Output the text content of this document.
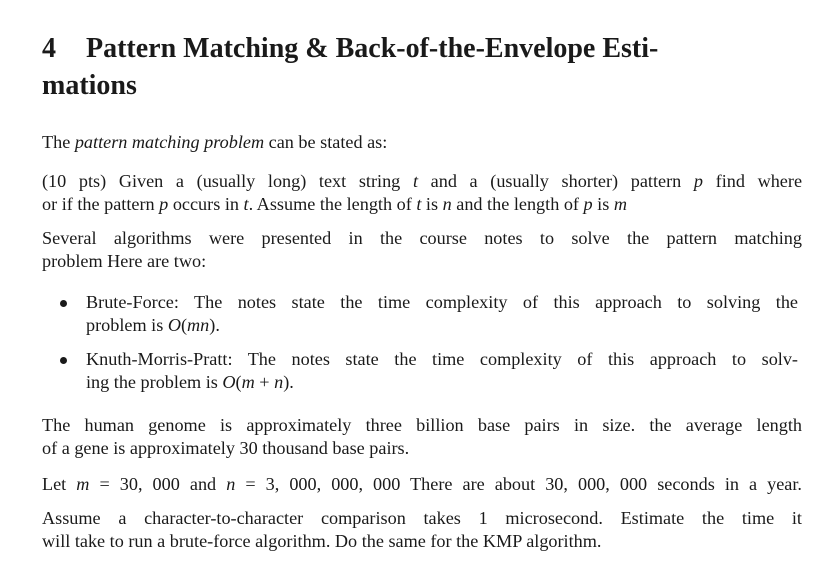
4 Pattern Matching & Back-of-the-Envelope Esti-
mations

The pattern matching problem can be stated as:

(10 pts) Given a (usually long) text string t and a (usually shorter) pattern p find where
or if the pattern p occurs in t. Assume the length of t is n and the length of p is m

Several algorithms were presented in the course notes to solve the pattern matching
problem Here are two:

Brute-Force: The notes state the time complexity of this approach to solving the
problem is O(mn).
Knuth-Morris-Pratt: The notes state the time complexity of this approach to solv-
ing the problem is O(m + n).

The human genome is approximately three billion base pairs in size. the average length
of a gene is approximately 30 thousand base pairs.

Let m = 30, 000 and n = 3, 000, 000, 000 There are about 30, 000, 000 seconds in a year.

Assume a character-to-character comparison takes 1 microsecond. Estimate the time it
will take to run a brute-force algorithm. Do the same for the KMP algorithm.
